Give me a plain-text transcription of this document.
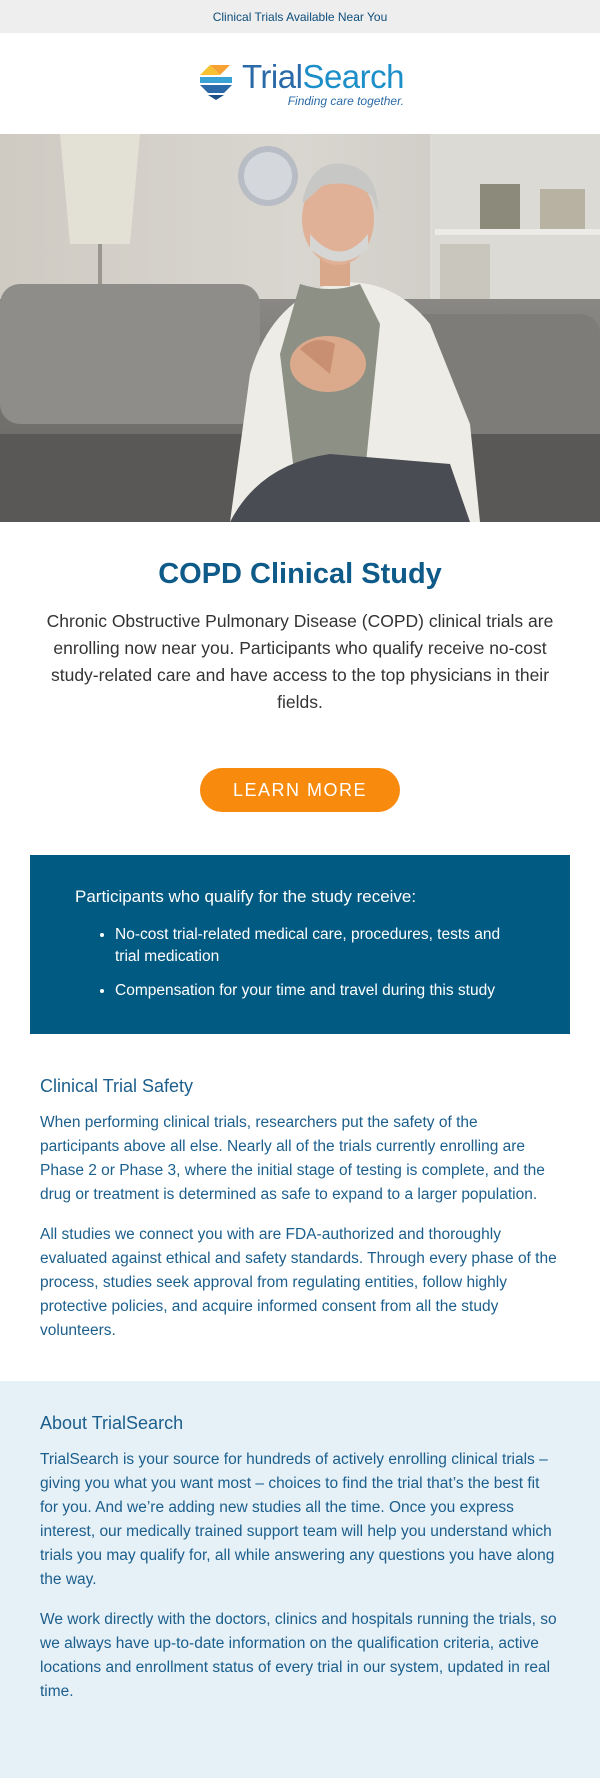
Clinical Trials Available Near You
TrialSearch
Finding care together.
COPD Clinical Study

Chronic Obstructive Pulmonary Disease (COPD) clinical trials are enrolling now near you. Participants who qualify receive no-cost study-related care and have access to the top physicians in their fields.

LEARN MORE
Participants who qualify for the study receive:
• No-cost trial-related medical care, procedures, tests and trial medication
• Compensation for your time and travel during this study
Clinical Trial Safety

When performing clinical trials, researchers put the safety of the participants above all else. Nearly all of the trials currently enrolling are Phase 2 or Phase 3, where the initial stage of testing is complete, and the drug or treatment is determined as safe to expand to a larger population.

All studies we connect you with are FDA-authorized and thoroughly evaluated against ethical and safety standards. Through every phase of the process, studies seek approval from regulating entities, follow highly protective policies, and acquire informed consent from all the study volunteers.

About TrialSearch

TrialSearch is your source for hundreds of actively enrolling clinical trials – giving you what you want most – choices to find the trial that’s the best fit for you. And we’re adding new studies all the time. Once you express interest, our medically trained support team will help you understand which trials you may qualify for, all while answering any questions you have along the way.

We work directly with the doctors, clinics and hospitals running the trials, so we always have up-to-date information on the qualification criteria, active locations and enrollment status of every trial in our system, updated in real time.
